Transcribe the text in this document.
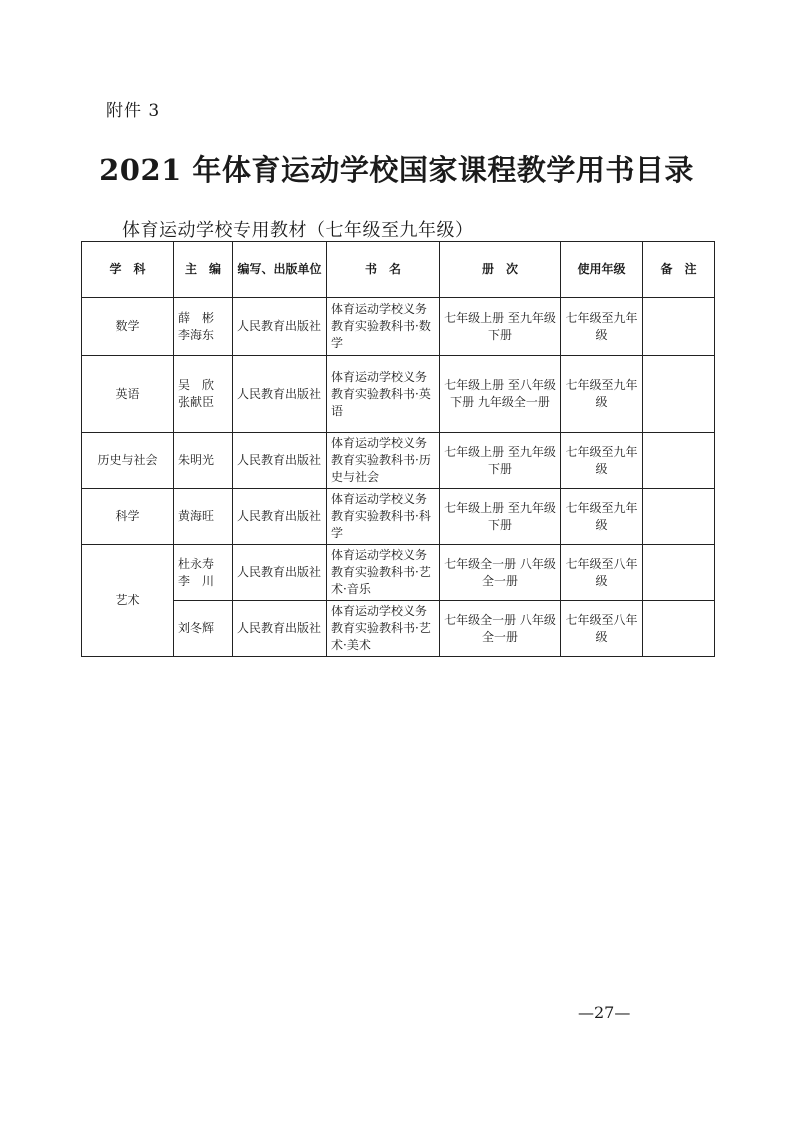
附件 3
2021 年体育运动学校国家课程教学用书目录
体育运动学校专用教材（七年级至九年级）
学　科	主　编	编写、出版单位	书　名	册　次	使用年级	备　注
数学	薛　彬 李海东	人民教育出版社	体育运动学校义务教育实验教科书·数学	七年级上册 至九年级下册	七年级至九年级	
英语	吴　欣 张献臣	人民教育出版社	体育运动学校义务教育实验教科书·英语	七年级上册 至八年级下册 九年级全一册	七年级至九年级	
历史与社会	朱明光	人民教育出版社	体育运动学校义务教育实验教科书·历史与社会	七年级上册 至九年级下册	七年级至九年级	
科学	黄海旺	人民教育出版社	体育运动学校义务教育实验教科书·科学	七年级上册 至九年级下册	七年级至九年级	
艺术	杜永寿 李　川	人民教育出版社	体育运动学校义务教育实验教科书·艺术·音乐	七年级全一册 八年级全一册	七年级至八年级	
	刘冬辉	人民教育出版社	体育运动学校义务教育实验教科书·艺术·美术	七年级全一册 八年级全一册	七年级至八年级	
—27—
